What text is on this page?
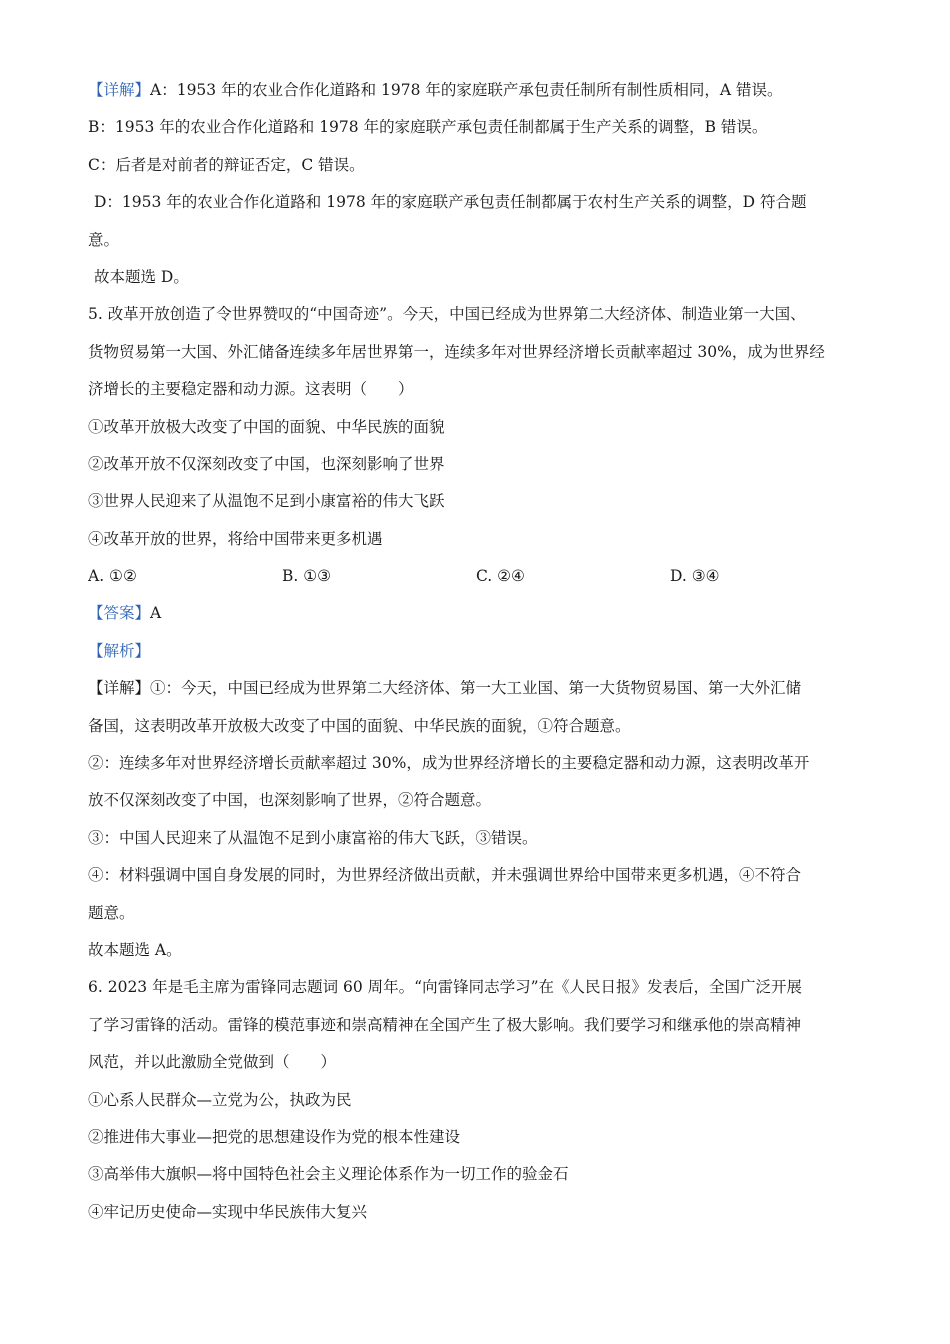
【详解】A：1953 年的农业合作化道路和 1978 年的家庭联产承包责任制所有制性质相同，A 错误。
B：1953 年的农业合作化道路和 1978 年的家庭联产承包责任制都属于生产关系的调整，B 错误。
C：后者是对前者的辩证否定，C 错误。
D：1953 年的农业合作化道路和 1978 年的家庭联产承包责任制都属于农村生产关系的调整，D 符合题
意。
故本题选 D。
5. 改革开放创造了令世界赞叹的“中国奇迹”。今天，中国已经成为世界第二大经济体、制造业第一大国、
货物贸易第一大国、外汇储备连续多年居世界第一，连续多年对世界经济增长贡献率超过 30%，成为世界经
济增长的主要稳定器和动力源。这表明（　　）
①改革开放极大改变了中国的面貌、中华民族的面貌
②改革开放不仅深刻改变了中国，也深刻影响了世界
③世界人民迎来了从温饱不足到小康富裕的伟大飞跃
④改革开放的世界，将给中国带来更多机遇
A. ①②	B. ①③	C. ②④	D. ③④
【答案】A
【解析】
【详解】①：今天，中国已经成为世界第二大经济体、第一大工业国、第一大货物贸易国、第一大外汇储
备国，这表明改革开放极大改变了中国的面貌、中华民族的面貌，①符合题意。
②：连续多年对世界经济增长贡献率超过 30%，成为世界经济增长的主要稳定器和动力源，这表明改革开
放不仅深刻改变了中国，也深刻影响了世界，②符合题意。
③：中国人民迎来了从温饱不足到小康富裕的伟大飞跃，③错误。
④：材料强调中国自身发展的同时，为世界经济做出贡献，并未强调世界给中国带来更多机遇，④不符合
题意。
故本题选 A。
6. 2023 年是毛主席为雷锋同志题词 60 周年。“向雷锋同志学习”在《人民日报》发表后，全国广泛开展
了学习雷锋的活动。雷锋的模范事迹和崇高精神在全国产生了极大影响。我们要学习和继承他的崇高精神
风范，并以此激励全党做到（　　）
①心系人民群众—立党为公，执政为民
②推进伟大事业—把党的思想建设作为党的根本性建设
③高举伟大旗帜—将中国特色社会主义理论体系作为一切工作的验金石
④牢记历史使命—实现中华民族伟大复兴
